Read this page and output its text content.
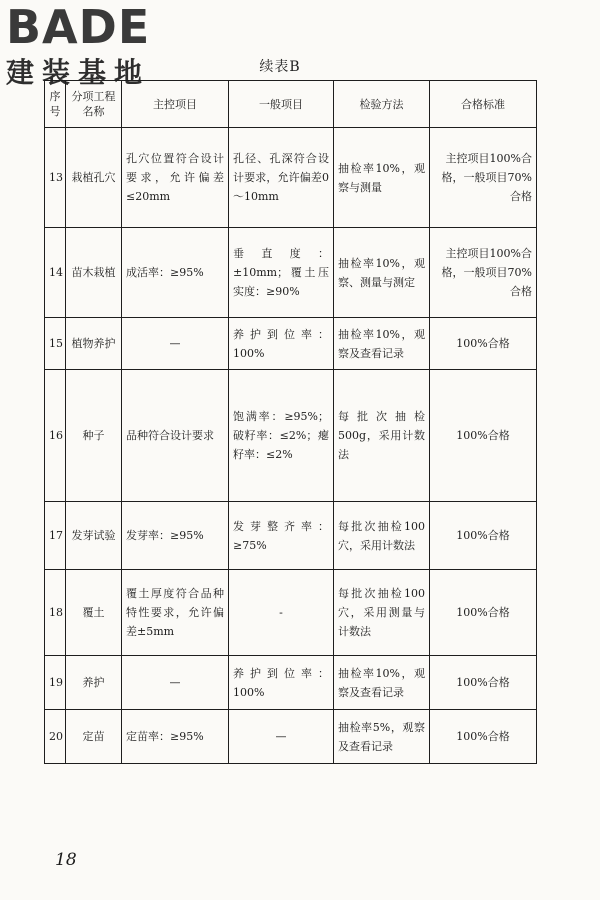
BADE
建装基地	续表B
序号	分项工程名称	主控项目	一般项目	检验方法	合格标准
13	栽植孔穴	孔穴位置符合设计要求，允许偏差≤20mm	孔径、孔深符合设计要求，允许偏差0～10mm	抽检率10%，观察与测量	主控项目100%合格，一般项目70%合格
14	苗木栽植	成活率：≥95%	垂直度：±10mm；覆土压实度：≥90%	抽检率10%，观察、测量与测定	主控项目100%合格，一般项目70%合格
15	植物养护	—	养护到位率：100%	抽检率10%，观察及查看记录	100%合格
16	种子	品种符合设计要求	饱满率：≥95%；破籽率：≤2%；瘪籽率：≤2%	每批次抽检500g，采用计数法	100%合格
17	发芽试验	发芽率：≥95%	发芽整齐率：≥75%	每批次抽检100穴，采用计数法	100%合格
18	覆土	覆土厚度符合品种特性要求，允许偏差±5mm	-	每批次抽检100穴，采用测量与计数法	100%合格
19	养护	—	养护到位率：100%	抽检率10%，观察及查看记录	100%合格
20	定苗	定苗率：≥95%	—	抽检率5%，观察及查看记录	100%合格
18
